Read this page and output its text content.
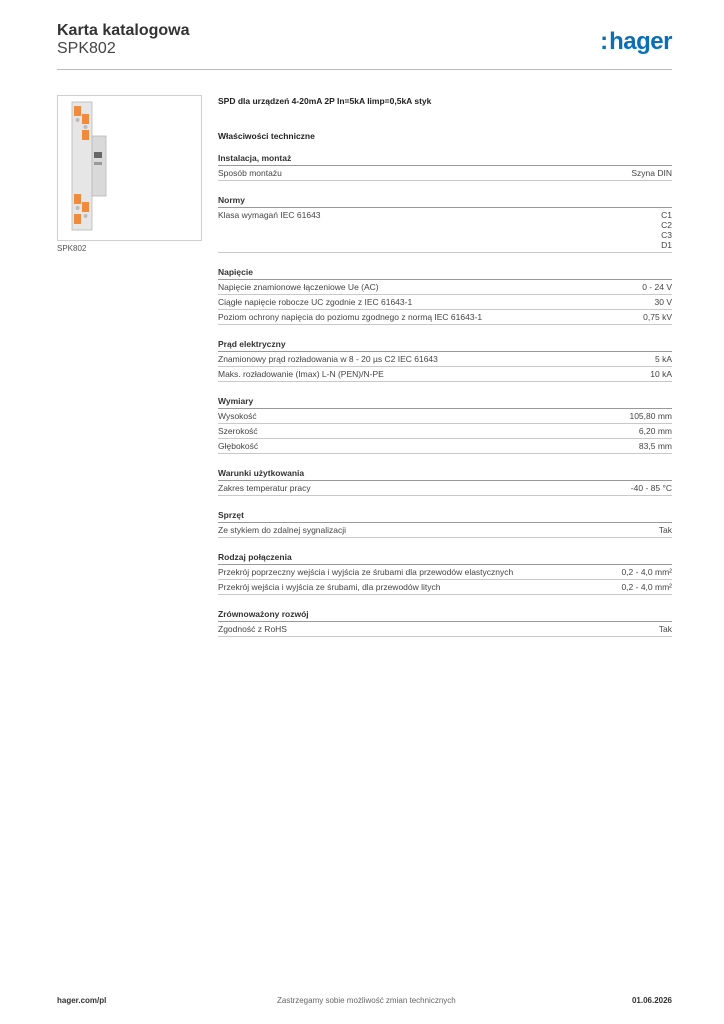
Karta katalogowa
SPK802	:hager
SPK802
SPD dla urządzeń 4-20mA 2P In=5kA Iimp=0,5kA styk
Właściwości techniczne
Instalacja, montaż
Sposób montażu	Szyna DIN
Normy
Klasa wymagań IEC 61643	C1
C2
C3
D1
Napięcie
Napięcie znamionowe łączeniowe Ue (AC)	0 - 24 V
Ciągłe napięcie robocze UC zgodnie z IEC 61643-1	30 V
Poziom ochrony napięcia do poziomu zgodnego z normą IEC 61643-1	0,75 kV
Prąd elektryczny
Znamionowy prąd rozładowania w 8 - 20 µs C2 IEC 61643	5 kA
Maks. rozładowanie (Imax) L-N (PEN)/N-PE	10 kA
Wymiary
Wysokość	105,80 mm
Szerokość	6,20 mm
Głębokość	83,5 mm
Warunki użytkowania
Zakres temperatur pracy	-40 - 85 °C
Sprzęt
Ze stykiem do zdalnej sygnalizacji	Tak
Rodzaj połączenia
Przekrój poprzeczny wejścia i wyjścia ze śrubami dla przewodów elastycznych	0,2 - 4,0 mm²
Przekrój wejścia i wyjścia ze śrubami, dla przewodów litych	0,2 - 4,0 mm²
Zrównoważony rozwój
Zgodność z RoHS	Tak
hager.com/pl	Zastrzegamy sobie możliwość zmian technicznych	01.06.2026
